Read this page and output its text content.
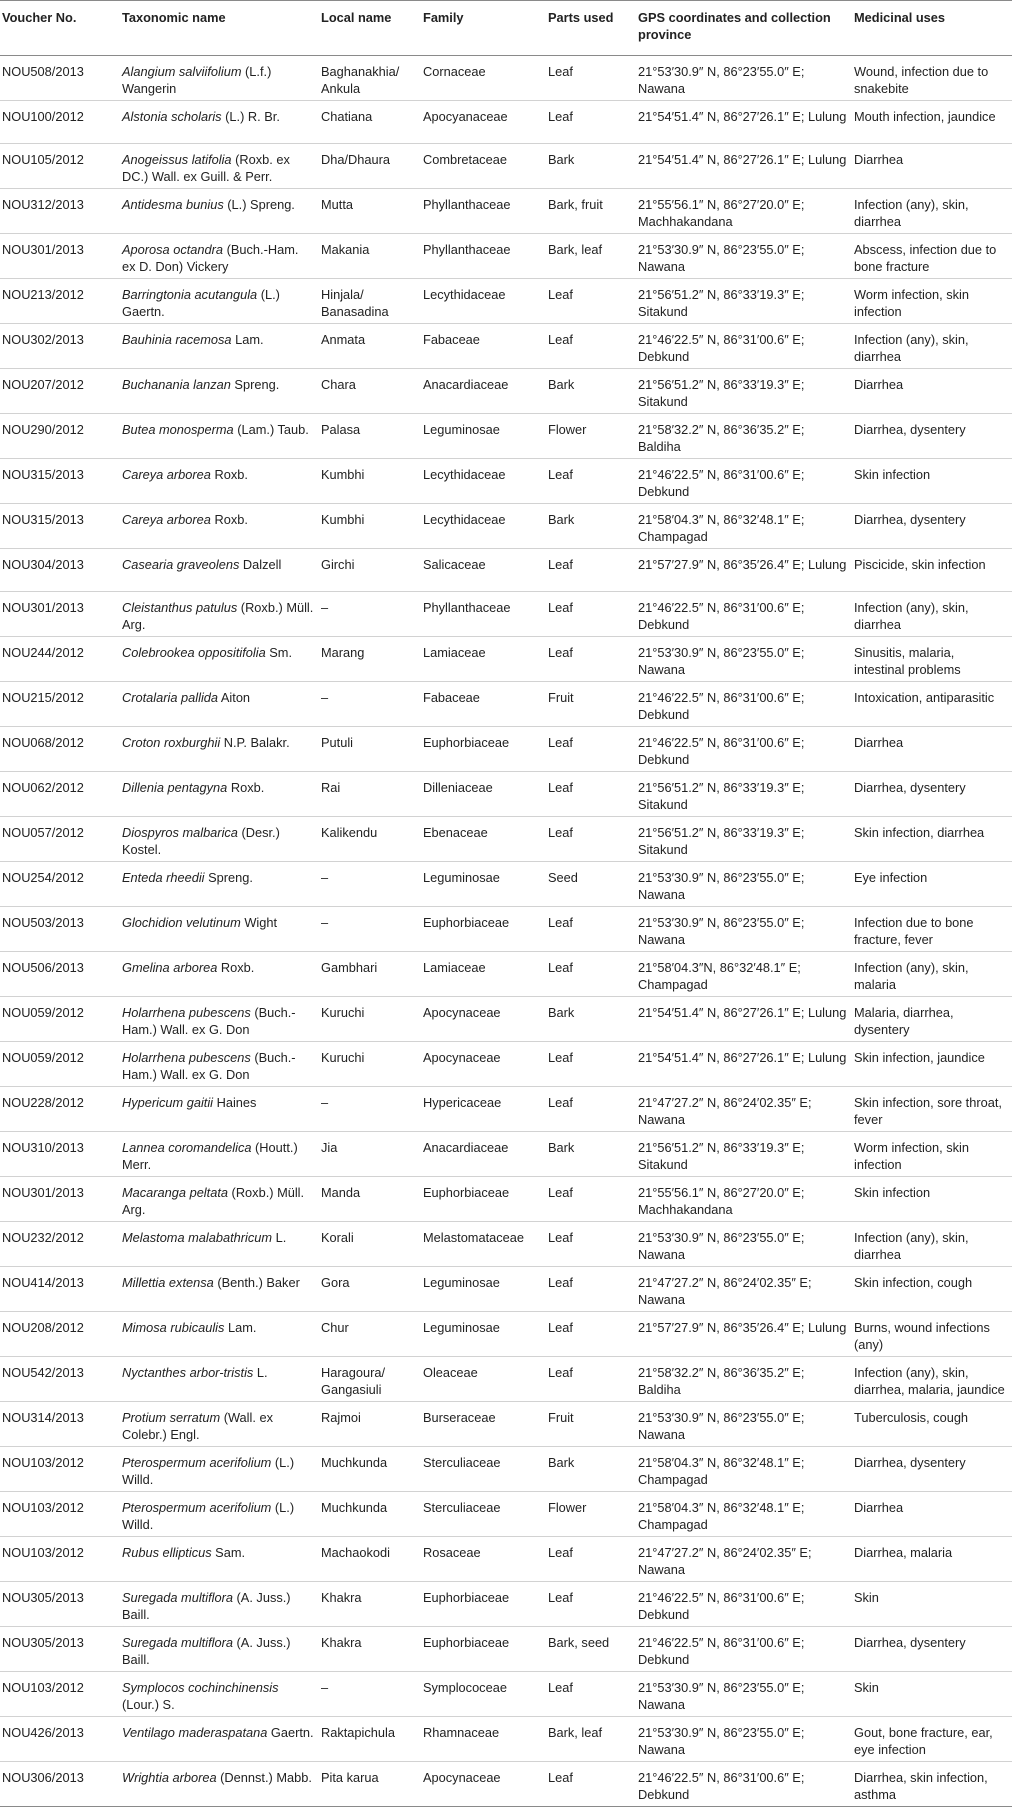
Voucher No.	Taxonomic name	Local name	Family	Parts used	GPS coordinates and collection province	Medicinal uses
NOU508/2013	Alangium salviifolium (L.f.) Wangerin	Baghanakhia/ Ankula	Cornaceae	Leaf	21°53′30.9″ N, 86°23′55.0″ E; Nawana	Wound, infection due to snakebite
NOU100/2012	Alstonia scholaris (L.) R. Br.	Chatiana	Apocyanaceae	Leaf	21°54′51.4″ N, 86°27′26.1″ E; Lulung	Mouth infection, jaundice
NOU105/2012	Anogeissus latifolia (Roxb. ex DC.) Wall. ex Guill. & Perr.	Dha/Dhaura	Combretaceae	Bark	21°54′51.4″ N, 86°27′26.1″ E; Lulung	Diarrhea
NOU312/2013	Antidesma bunius (L.) Spreng.	Mutta	Phyllanthaceae	Bark, fruit	21°55′56.1″ N, 86°27′20.0″ E; Machhakandana	Infection (any), skin, diarrhea
NOU301/2013	Aporosa octandra (Buch.-Ham. ex D. Don) Vickery	Makania	Phyllanthaceae	Bark, leaf	21°53′30.9″ N, 86°23′55.0″ E; Nawana	Abscess, infection due to bone fracture
NOU213/2012	Barringtonia acutangula (L.) Gaertn.	Hinjala/ Banasadina	Lecythidaceae	Leaf	21°56′51.2″ N, 86°33′19.3″ E; Sitakund	Worm infection, skin infection
NOU302/2013	Bauhinia racemosa Lam.	Anmata	Fabaceae	Leaf	21°46′22.5″ N, 86°31′00.6″ E; Debkund	Infection (any), skin, diarrhea
NOU207/2012	Buchanania lanzan Spreng.	Chara	Anacardiaceae	Bark	21°56′51.2″ N, 86°33′19.3″ E; Sitakund	Diarrhea
NOU290/2012	Butea monosperma (Lam.) Taub.	Palasa	Leguminosae	Flower	21°58′32.2″ N, 86°36′35.2″ E; Baldiha	Diarrhea, dysentery
NOU315/2013	Careya arborea Roxb.	Kumbhi	Lecythidaceae	Leaf	21°46′22.5″ N, 86°31′00.6″ E; Debkund	Skin infection
NOU315/2013	Careya arborea Roxb.	Kumbhi	Lecythidaceae	Bark	21°58′04.3″ N, 86°32′48.1″ E; Champagad	Diarrhea, dysentery
NOU304/2013	Casearia graveolens Dalzell	Girchi	Salicaceae	Leaf	21°57′27.9″ N, 86°35′26.4″ E; Lulung	Piscicide, skin infection
NOU301/2013	Cleistanthus patulus (Roxb.) Müll. Arg.	–	Phyllanthaceae	Leaf	21°46′22.5″ N, 86°31′00.6″ E; Debkund	Infection (any), skin, diarrhea
NOU244/2012	Colebrookea oppositifolia Sm.	Marang	Lamiaceae	Leaf	21°53′30.9″ N, 86°23′55.0″ E; Nawana	Sinusitis, malaria, intestinal problems
NOU215/2012	Crotalaria pallida Aiton	–	Fabaceae	Fruit	21°46′22.5″ N, 86°31′00.6″ E; Debkund	Intoxication, antiparasitic
NOU068/2012	Croton roxburghii N.P. Balakr.	Putuli	Euphorbiaceae	Leaf	21°46′22.5″ N, 86°31′00.6″ E; Debkund	Diarrhea
NOU062/2012	Dillenia pentagyna Roxb.	Rai	Dilleniaceae	Leaf	21°56′51.2″ N, 86°33′19.3″ E; Sitakund	Diarrhea, dysentery
NOU057/2012	Diospyros malbarica (Desr.) Kostel.	Kalikendu	Ebenaceae	Leaf	21°56′51.2″ N, 86°33′19.3″ E; Sitakund	Skin infection, diarrhea
NOU254/2012	Enteda rheedii Spreng.	–	Leguminosae	Seed	21°53′30.9″ N, 86°23′55.0″ E; Nawana	Eye infection
NOU503/2013	Glochidion velutinum Wight	–	Euphorbiaceae	Leaf	21°53′30.9″ N, 86°23′55.0″ E; Nawana	Infection due to bone fracture, fever
NOU506/2013	Gmelina arborea Roxb.	Gambhari	Lamiaceae	Leaf	21°58′04.3″N, 86°32′48.1″ E; Champagad	Infection (any), skin, malaria
NOU059/2012	Holarrhena pubescens (Buch.-Ham.) Wall. ex G. Don	Kuruchi	Apocynaceae	Bark	21°54′51.4″ N, 86°27′26.1″ E; Lulung	Malaria, diarrhea, dysentery
NOU059/2012	Holarrhena pubescens (Buch.-Ham.) Wall. ex G. Don	Kuruchi	Apocynaceae	Leaf	21°54′51.4″ N, 86°27′26.1″ E; Lulung	Skin infection, jaundice
NOU228/2012	Hypericum gaitii Haines	–	Hypericaceae	Leaf	21°47′27.2″ N, 86°24′02.35″ E; Nawana	Skin infection, sore throat, fever
NOU310/2013	Lannea coromandelica (Houtt.) Merr.	Jia	Anacardiaceae	Bark	21°56′51.2″ N, 86°33′19.3″ E; Sitakund	Worm infection, skin infection
NOU301/2013	Macaranga peltata (Roxb.) Müll. Arg.	Manda	Euphorbiaceae	Leaf	21°55′56.1″ N, 86°27′20.0″ E; Machhakandana	Skin infection
NOU232/2012	Melastoma malabathricum L.	Korali	Melastomataceae	Leaf	21°53′30.9″ N, 86°23′55.0″ E; Nawana	Infection (any), skin, diarrhea
NOU414/2013	Millettia extensa (Benth.) Baker	Gora	Leguminosae	Leaf	21°47′27.2″ N, 86°24′02.35″ E; Nawana	Skin infection, cough
NOU208/2012	Mimosa rubicaulis Lam.	Chur	Leguminosae	Leaf	21°57′27.9″ N, 86°35′26.4″ E; Lulung	Burns, wound infections (any)
NOU542/2013	Nyctanthes arbor-tristis L.	Haragoura/ Gangasiuli	Oleaceae	Leaf	21°58′32.2″ N, 86°36′35.2″ E; Baldiha	Infection (any), skin, diarrhea, malaria, jaundice
NOU314/2013	Protium serratum (Wall. ex Colebr.) Engl.	Rajmoi	Burseraceae	Fruit	21°53′30.9″ N, 86°23′55.0″ E; Nawana	Tuberculosis, cough
NOU103/2012	Pterospermum acerifolium (L.) Willd.	Muchkunda	Sterculiaceae	Bark	21°58′04.3″ N, 86°32′48.1″ E; Champagad	Diarrhea, dysentery
NOU103/2012	Pterospermum acerifolium (L.) Willd.	Muchkunda	Sterculiaceae	Flower	21°58′04.3″ N, 86°32′48.1″ E; Champagad	Diarrhea
NOU103/2012	Rubus ellipticus Sam.	Machaokodi	Rosaceae	Leaf	21°47′27.2″ N, 86°24′02.35″ E; Nawana	Diarrhea, malaria
NOU305/2013	Suregada multiflora (A. Juss.) Baill.	Khakra	Euphorbiaceae	Leaf	21°46′22.5″ N, 86°31′00.6″ E; Debkund	Skin
NOU305/2013	Suregada multiflora (A. Juss.) Baill.	Khakra	Euphorbiaceae	Bark, seed	21°46′22.5″ N, 86°31′00.6″ E; Debkund	Diarrhea, dysentery
NOU103/2012	Symplocos cochinchinensis (Lour.) S.	–	Symplococeae	Leaf	21°53′30.9″ N, 86°23′55.0″ E; Nawana	Skin
NOU426/2013	Ventilago maderaspatana Gaertn.	Raktapichula	Rhamnaceae	Bark, leaf	21°53′30.9″ N, 86°23′55.0″ E; Nawana	Gout, bone fracture, ear, eye infection
NOU306/2013	Wrightia arborea (Dennst.) Mabb.	Pita karua	Apocynaceae	Leaf	21°46′22.5″ N, 86°31′00.6″ E; Debkund	Diarrhea, skin infection, asthma
